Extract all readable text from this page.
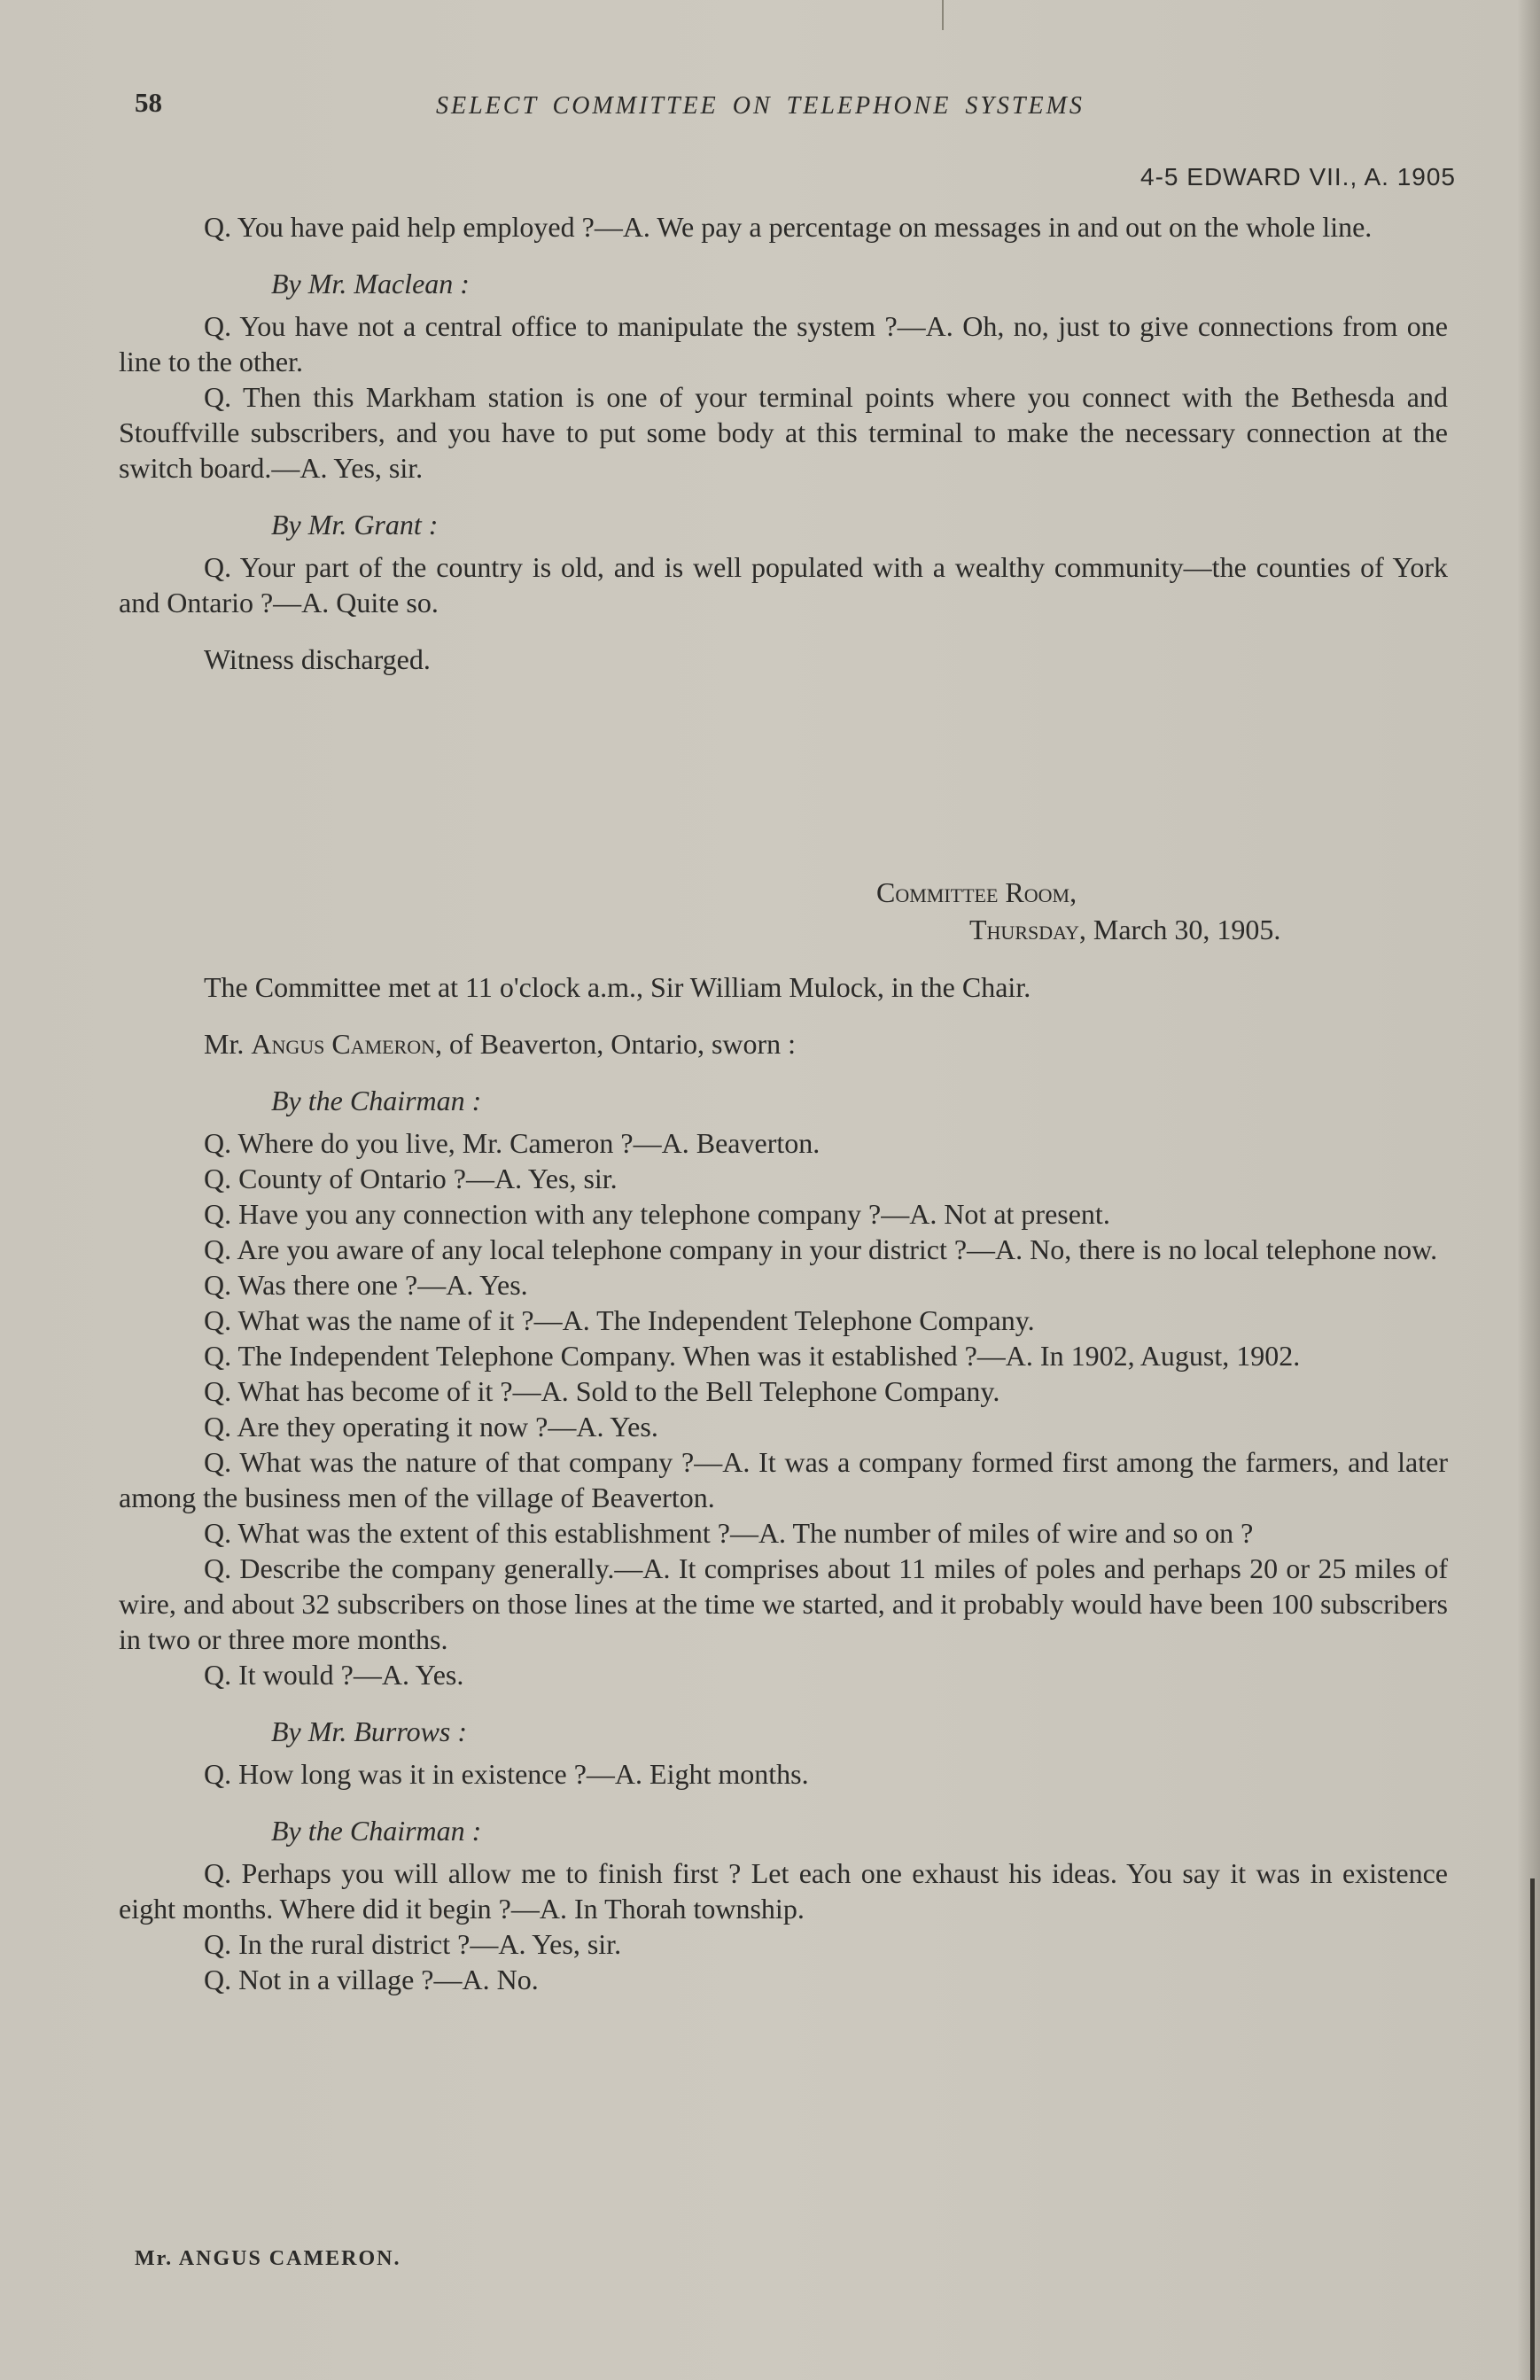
58	SELECT COMMITTEE ON TELEPHONE SYSTEMS
4-5 EDWARD VII., A. 1905

Q. You have paid help employed ?—A. We pay a percentage on messages in and out on the whole line.

By Mr. Maclean :

Q. You have not a central office to manipulate the system ?—A. Oh, no, just to give connections from one line to the other.

Q. Then this Markham station is one of your terminal points where you connect with the Bethesda and Stouffville subscribers, and you have to put some body at this terminal to make the necessary connection at the switch board.—A. Yes, sir.

By Mr. Grant :

Q. Your part of the country is old, and is well populated with a wealthy community—the counties of York and Ontario ?—A. Quite so.

Witness discharged.

Committee Room,

Thursday, March 30, 1905.

The Committee met at 11 o'clock a.m., Sir William Mulock, in the Chair.

Mr. Angus Cameron, of Beaverton, Ontario, sworn :

By the Chairman :

Q. Where do you live, Mr. Cameron ?—A. Beaverton.

Q. County of Ontario ?—A. Yes, sir.

Q. Have you any connection with any telephone company ?—A. Not at present.

Q. Are you aware of any local telephone company in your district ?—A. No, there is no local telephone now.

Q. Was there one ?—A. Yes.

Q. What was the name of it ?—A. The Independent Telephone Company.

Q. The Independent Telephone Company. When was it established ?—A. In 1902, August, 1902.

Q. What has become of it ?—A. Sold to the Bell Telephone Company.

Q. Are they operating it now ?—A. Yes.

Q. What was the nature of that company ?—A. It was a company formed first among the farmers, and later among the business men of the village of Beaverton.

Q. What was the extent of this establishment ?—A. The number of miles of wire and so on ?

Q. Describe the company generally.—A. It comprises about 11 miles of poles and perhaps 20 or 25 miles of wire, and about 32 subscribers on those lines at the time we started, and it probably would have been 100 subscribers in two or three more months.

Q. It would ?—A. Yes.

By Mr. Burrows :

Q. How long was it in existence ?—A. Eight months.

By the Chairman :

Q. Perhaps you will allow me to finish first ? Let each one exhaust his ideas. You say it was in existence eight months. Where did it begin ?—A. In Thorah township.

Q. In the rural district ?—A. Yes, sir.

Q. Not in a village ?—A. No.

Mr. ANGUS CAMERON.
